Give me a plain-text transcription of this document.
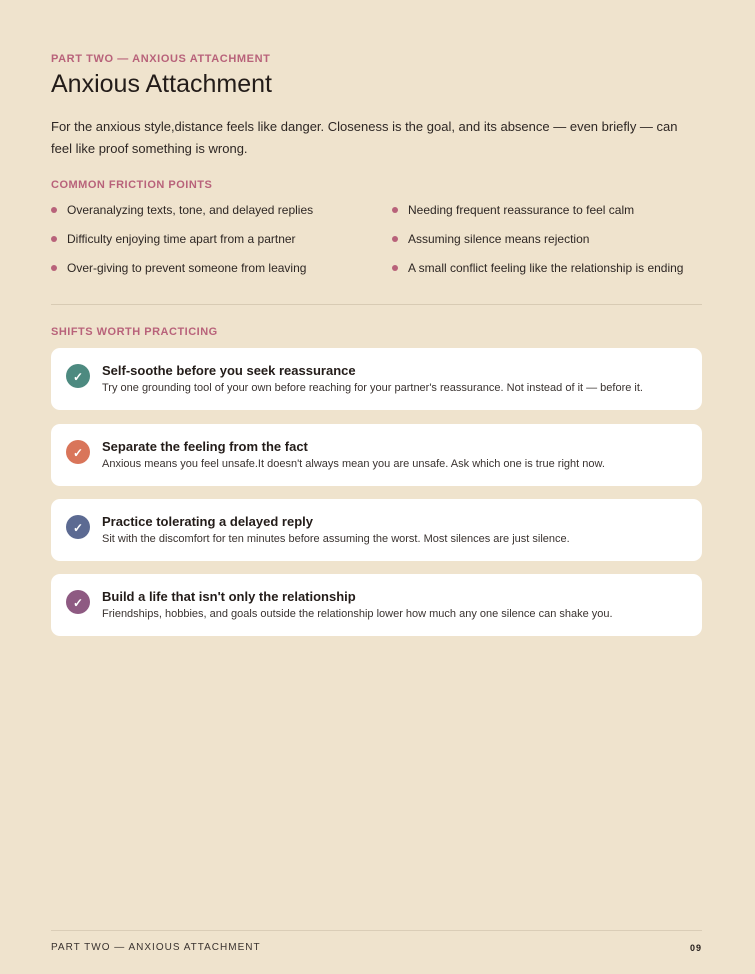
PART TWO — ANXIOUS ATTACHMENT
Anxious Attachment

For the anxious style,distance feels like danger. Closeness is the goal, and its absence — even briefly — can feel like proof something is wrong.

COMMON FRICTION POINTS
Overanalyzing texts, tone, and delayed replies	Needing frequent reassurance to feel calm
Difficulty enjoying time apart from a partner	Assuming silence means rejection
Over-giving to prevent someone from leaving	A small conflict feeling like the relationship is ending
SHIFTS WORTH PRACTICING
✓	Self-soothe before you seek reassurance
Try one grounding tool of your own before reaching for your partner's reassurance. Not instead of it — before it.
✓	Separate the feeling from the fact
Anxious means you feel unsafe.It doesn't always mean you are unsafe. Ask which one is true right now.
✓	Practice tolerating a delayed reply
Sit with the discomfort for ten minutes before assuming the worst. Most silences are just silence.
✓	Build a life that isn't only the relationship
Friendships, hobbies, and goals outside the relationship lower how much any one silence can shake you.
PART TWO — ANXIOUS ATTACHMENT	09
